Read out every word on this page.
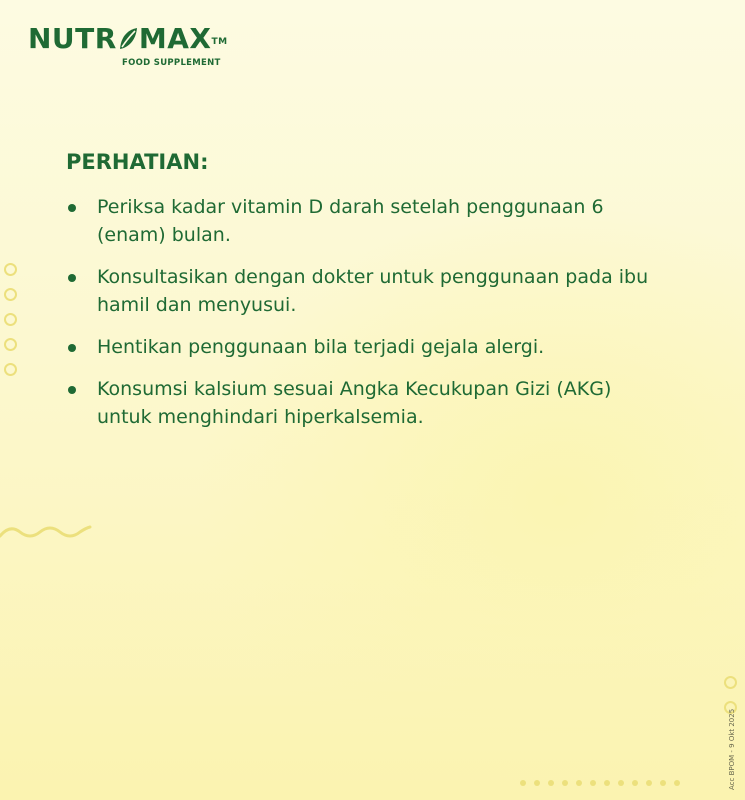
NUTR MAX™
FOOD SUPPLEMENT
PERHATIAN:
Periksa kadar vitamin D darah setelah penggunaan 6 (enam) bulan.
Konsultasikan dengan dokter untuk penggunaan pada ibu hamil dan menyusui.
Hentikan penggunaan bila terjadi gejala alergi.
Konsumsi kalsium sesuai Angka Kecukupan Gizi (AKG) untuk menghindari hiperkalsemia.
Acc BPOM - 9 Okt 2025
